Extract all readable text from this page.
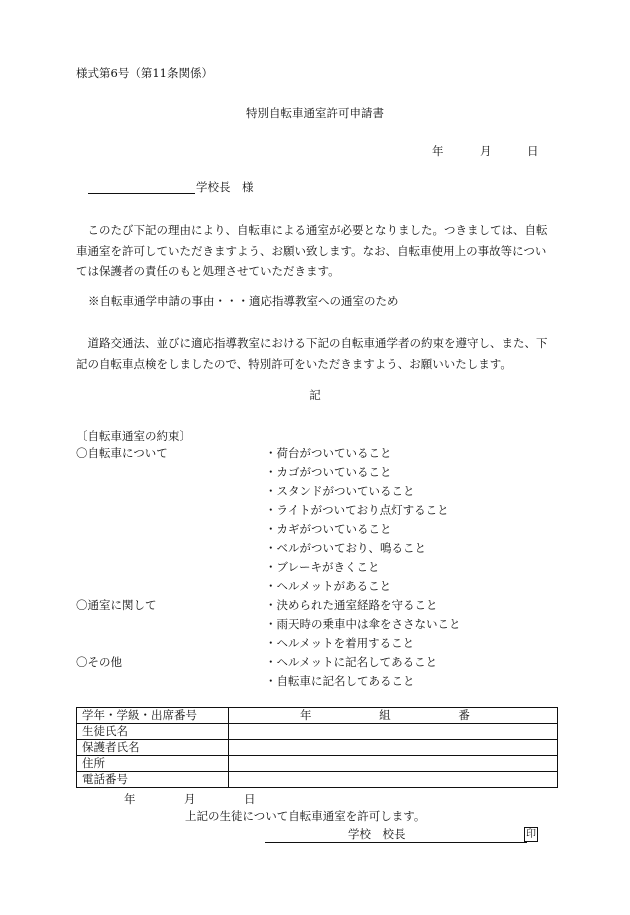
様式第6号（第11条関係）
特別自転車通室許可申請書
年	月	日
学校長　様
このたび下記の理由により、自転車による通室が必要となりました。つきましては、自転車通室を許可していただきますよう、お願い致します。なお、自転車使用上の事故等については保護者の責任のもと処理させていただきます。
※自転車通学申請の事由・・・適応指導教室への通室のため
道路交通法、並びに適応指導教室における下記の自転車通学者の約束を遵守し、また、下記の自転車点検をしましたので、特別許可をいただきますよう、お願いいたします。
記
〔自転車通室の約束〕
〇自転車について	・荷台がついていること
・カゴがついていること
・スタンドがついていること
・ライトがついており点灯すること
・カギがついていること
・ベルがついており、鳴ること
・ブレーキがきくこと
・ヘルメットがあること
〇通室に関して	・決められた通室経路を守ること
・雨天時の乗車中は傘をささないこと
・ヘルメットを着用すること
〇その他	・ヘルメットに記名してあること
・自転車に記名してあること
学年・学級・出席番号	年 組 番
生徒氏名	
保護者氏名	
住所	
電話番号	
年	月	日
上記の生徒について自転車通室を許可します。
学校　校長	印
